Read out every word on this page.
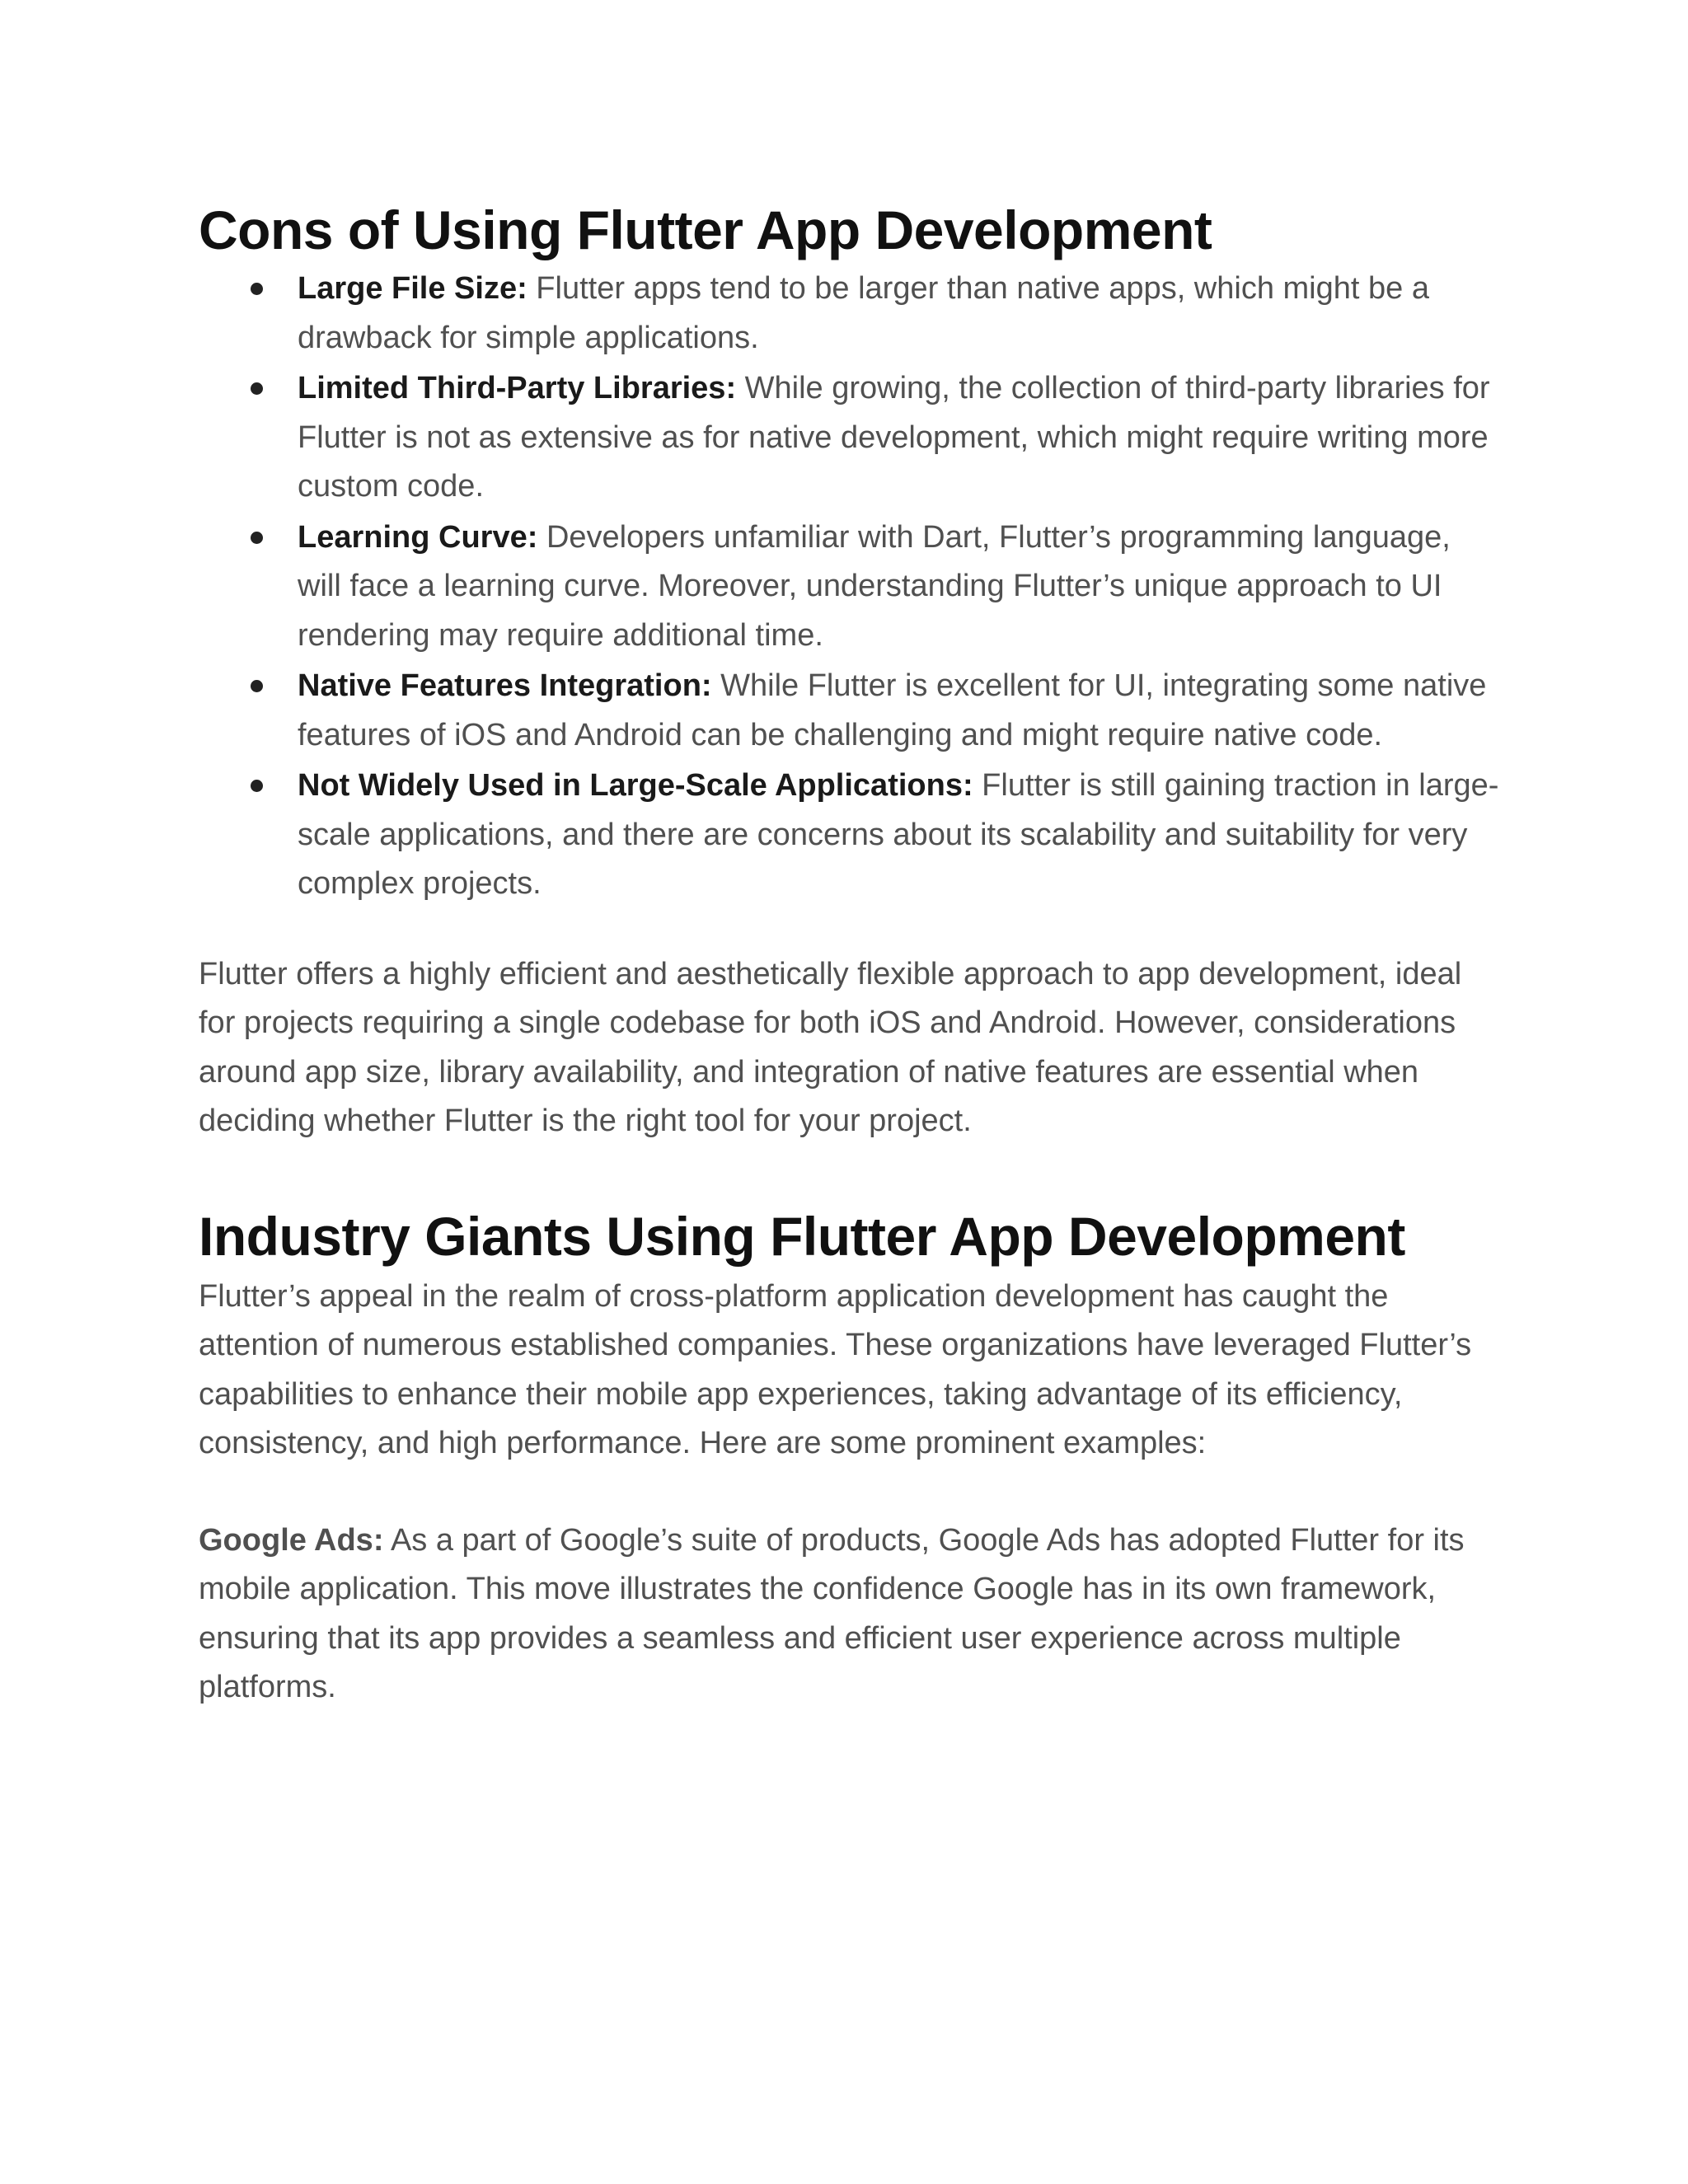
Cons of Using Flutter App Development
Large File Size: Flutter apps tend to be larger than native apps, which might be a drawback for simple applications.
Limited Third-Party Libraries: While growing, the collection of third-party libraries for Flutter is not as extensive as for native development, which might require writing more custom code.
Learning Curve: Developers unfamiliar with Dart, Flutter’s programming language, will face a learning curve. Moreover, understanding Flutter’s unique approach to UI rendering may require additional time.
Native Features Integration: While Flutter is excellent for UI, integrating some native features of iOS and Android can be challenging and might require native code.
Not Widely Used in Large-Scale Applications: Flutter is still gaining traction in large-scale applications, and there are concerns about its scalability and suitability for very complex projects.

Flutter offers a highly efficient and aesthetically flexible approach to app development, ideal for projects requiring a single codebase for both iOS and Android. However, considerations around app size, library availability, and integration of native features are essential when deciding whether Flutter is the right tool for your project.

Industry Giants Using Flutter App Development

Flutter’s appeal in the realm of cross-platform application development has caught the attention of numerous established companies. These organizations have leveraged Flutter’s capabilities to enhance their mobile app experiences, taking advantage of its efficiency, consistency, and high performance. Here are some prominent examples:

Google Ads: As a part of Google’s suite of products, Google Ads has adopted Flutter for its mobile application. This move illustrates the confidence Google has in its own framework, ensuring that its app provides a seamless and efficient user experience across multiple platforms.
